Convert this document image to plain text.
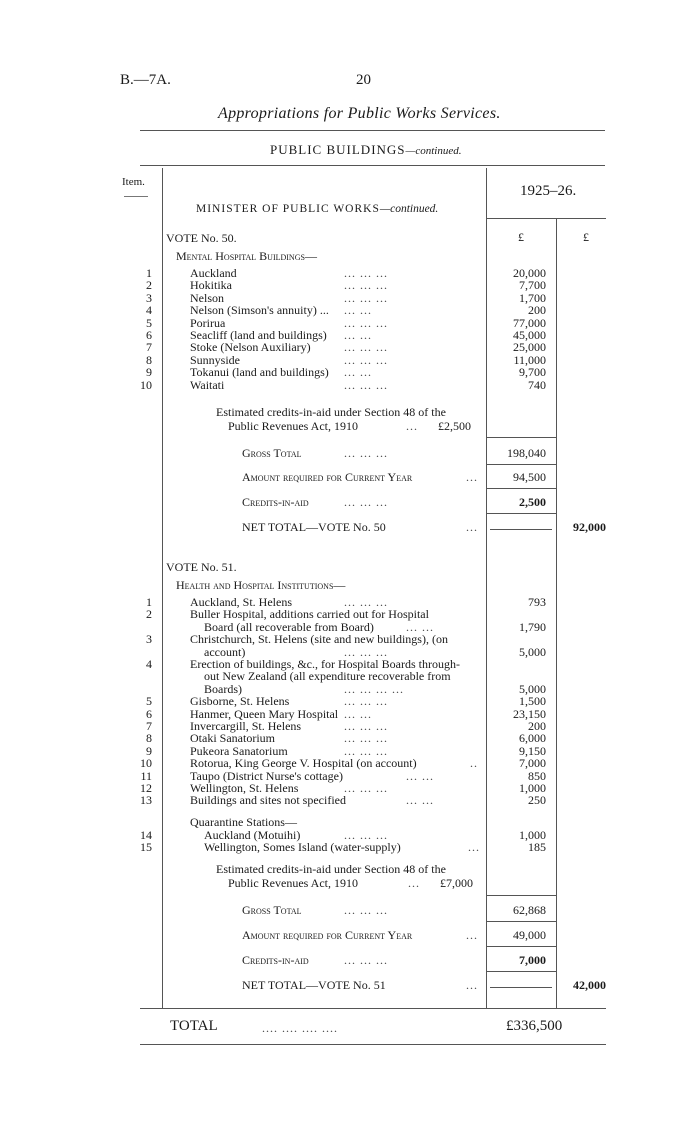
B.—7A.	20
Appropriations for Public Works Services.
PUBLIC BUILDINGS—continued.
Item.
1925–26.
£	£
MINISTER OF PUBLIC WORKS—continued.
VOTE No. 50.
Mental Hospital Buildings—
1	Auckland	... ... ...	20,000
2	Hokitika	... ... ...	7,700
3	Nelson	... ... ...	1,700
4	Nelson (Simson's annuity) ... ... ...	200
5	Porirua	... ... ...	77,000
6	Seacliff (land and buildings) ... ...	45,000
7	Stoke (Nelson Auxiliary)	... ... ...	25,000
8	Sunnyside	... ... ...	11,000
9	Tokanui (land and buildings) ... ...	9,700
10	Waitati	... ... ...	740
Estimated credits-in-aid under Section 48 of the
Public Revenues Act, 1910	... £2,500
Gross Total	... ... ...	198,040
Amount required for Current Year	...	94,500
Credits-in-aid	... ... ...	2,500
NET TOTAL—VOTE No. 50	...	92,000
VOTE No. 51.
Health and Hospital Institutions—
1	Auckland, St. Helens	... ... ...	793
2	Buller Hospital, additions carried out for Hospital
Board (all recoverable from Board)	... ...	1,790
3	Christchurch, St. Helens (site and new buildings), (on
account)	... ... ...	5,000
4	Erection of buildings, &c., for Hospital Boards through-
out New Zealand (all expenditure recoverable from
Boards)	... ... ... ...	5,000
5	Gisborne, St. Helens	... ... ...	1,500
6	Hanmer, Queen Mary Hospital ... ...	23,150
7	Invercargill, St. Helens	... ... ...	200
8	Otaki Sanatorium	... ... ...	6,000
9	Pukeora Sanatorium	... ... ...	9,150
10	Rotorua, King George V. Hospital (on account)	..	7,000
11	Taupo (District Nurse's cottage)	... ...	850
12	Wellington, St. Helens	... ... ...	1,000
13	Buildings and sites not specified	... ...	250
Quarantine Stations—
14	Auckland (Motuihi)	... ... ...	1,000
15	Wellington, Somes Island (water-supply)	...	185
Estimated credits-in-aid under Section 48 of the
Public Revenues Act, 1910	... £7,000
Gross Total	... ... ...	62,868
Amount required for Current Year	...	49,000
Credits-in-aid	... ... ...	7,000
NET TOTAL—VOTE No. 51	...	42,000
TOTAL	.... .... .... ....	£336,500
